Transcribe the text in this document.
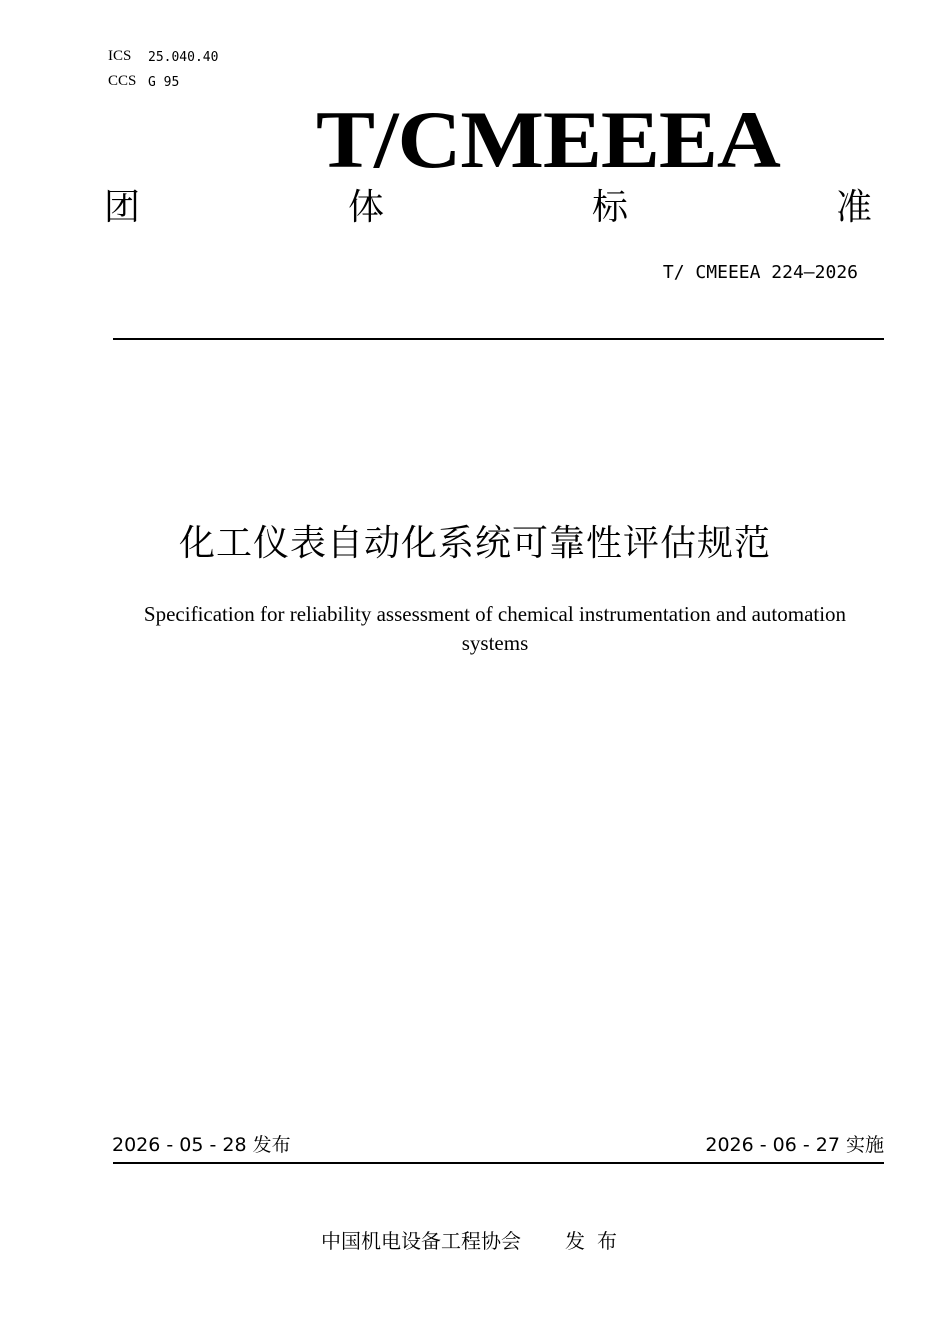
ICS 25.040.40
CCS G 95
T/CMEEEA
团	体	标	准
T/ CMEEEA 224—2026
化工仪表自动化系统可靠性评估规范
Specification for reliability assessment of chemical instrumentation and automation systems
2026 - 05 - 28 发布	2026 - 06 - 27 实施
中国机电设备工程协会 发布
